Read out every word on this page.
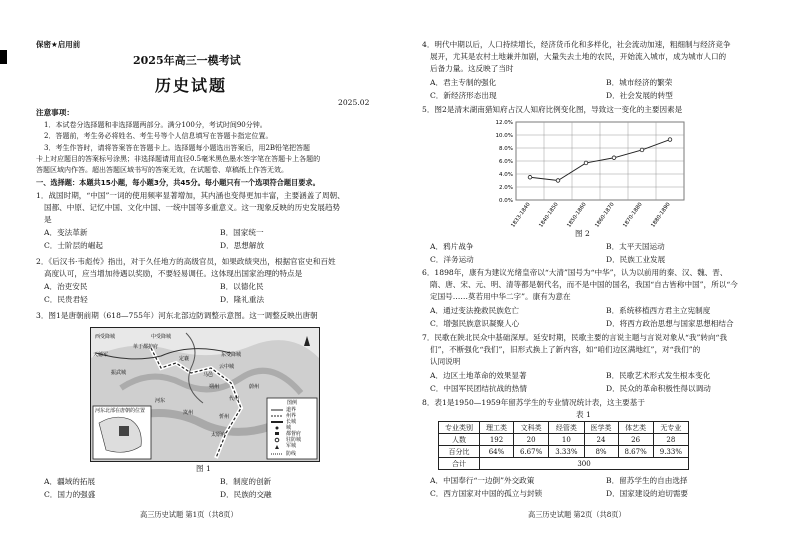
保密★启用前
2025年高三一模考试
历史试题
2025.02
注意事项：
1．本试卷分选择题和非选择题两部分。满分100分，考试时间90分钟。
2．答题前，考生务必将姓名、考生号等个人信息填写在答题卡指定位置。
3．考生作答时，请将答案答在答题卡上。选择题每小题选出答案后，用2B铅笔把答题
卡上对应题目的答案标号涂黑；非选择题请用直径0.5毫米黑色墨水签字笔在答题卡上各题的
答题区域内作答。超出答题区域书写的答案无效，在试题卷、草稿纸上作答无效。
一、选择题：本题共15小题，每小题3分，共45分。每小题只有一个选项符合题目要求。
1．战国时期，“中国”一词的使用频率显著增加，其内涵也变得更加丰富，主要涵盖了周朝、
国都、中原、记忆中国、文化中国、一统中国等多重意义。这一现象反映的历史发展趋势
是
A．变法革新	B．国家统一
C．士阶层的崛起	D．思想解放
2．《后汉书·韦彪传》指出，对于久任地方的高级官员，如果政绩突出，根据官宦史和百姓
高度认可，应当增加待遇以奖励，不要轻易调任。这体现出国家治理的特点是
A．治吏安民	B．以德化民
C．民贵君轻	D．隆礼重法
3．图1是唐朝前期（618—755年）河东北部边防调整示意图。这一调整反映出唐朝
单于都护府
振武城
定襄
东受降城
中受降城
西受降城
马邑
云中城
天德军
朔州	蔚州
代州
岚州
忻州
太原府
河东	图例
道界
州界
长城
城
都督府
驻防城
军城
防线
河东北部在唐朝的位置
图 1
A．疆域的拓展	B．制度的创新
C．国力的强盛	D．民族的交融
高三历史试题 第1页（共8页）
4．明代中期以后，人口持续增长，经济货币化和多样化，社会流动加速，粗细制与经济竞争
展开，尤其是农村土地兼并加剧，大量失去土地的农民，开始流入城市，成为城市人口的
后备力量。这反映了当时
A．君主专制的强化	B．城市经济的繁荣
C．新经济形态出现	D．社会发展的转型
5．图2是清末湖南猎知府占汉人知府比例变化图，导致这一变化的主要因素是
0.0%
2.0%
4.0%
6.0%
8.0%
10.0%
12.0%
1833-1840 1840-1850 1850-1860 1860-1870 1870-1880 1880-1890
图 2
A．鸦片战争	B．太平天国运动
C．洋务运动	D．民族工业发展
6．1898年，康有为建议光绪皇帝以“大清”国号为“中华”，认为以前用的秦、汉、魏、晋、
隋、唐、宋、元、明、清等都是朝代名，而不是中国的国名，我国“自古皆称中国”，所以“今
定国号……莫若用中华二字”。康有为意在
A．通过变法挽救民族危亡	B．系统移植西方君主立宪制度
C．增强民族意识凝聚人心	D．将西方政治思想与国家思想相结合
7．民歌在陕北民众中基础深厚。延安时期，民歌主要的言说主题与言说对象从“我”转向“我
们”，不断强化“我们”，旧形式换上了新内容，如“咱们边区满地红”，对“我们”的
认同说明
A．边区土地革命的效果显著	B．民歌艺术形式发生根本变化
C．中国军民团结抗战的热情	D．民众的革命积极性得以调动
8．表1是1950—1959年留苏学生的专业情况统计表，这主要基于
表 1
专业类别	理工类	文科类	经管类	医学类	体艺类	无专业
人数	192	20	10	24	26	28
百分比	64%	6.67%	3.33%	8%	8.67%	9.33%
合计	300					
A．中国奉行“一边倒”外交政策	B．留苏学生的自由选择
C．西方国家对中国的孤立与封锁	D．国家建设的迫切需要
高三历史试题 第2页（共8页）
